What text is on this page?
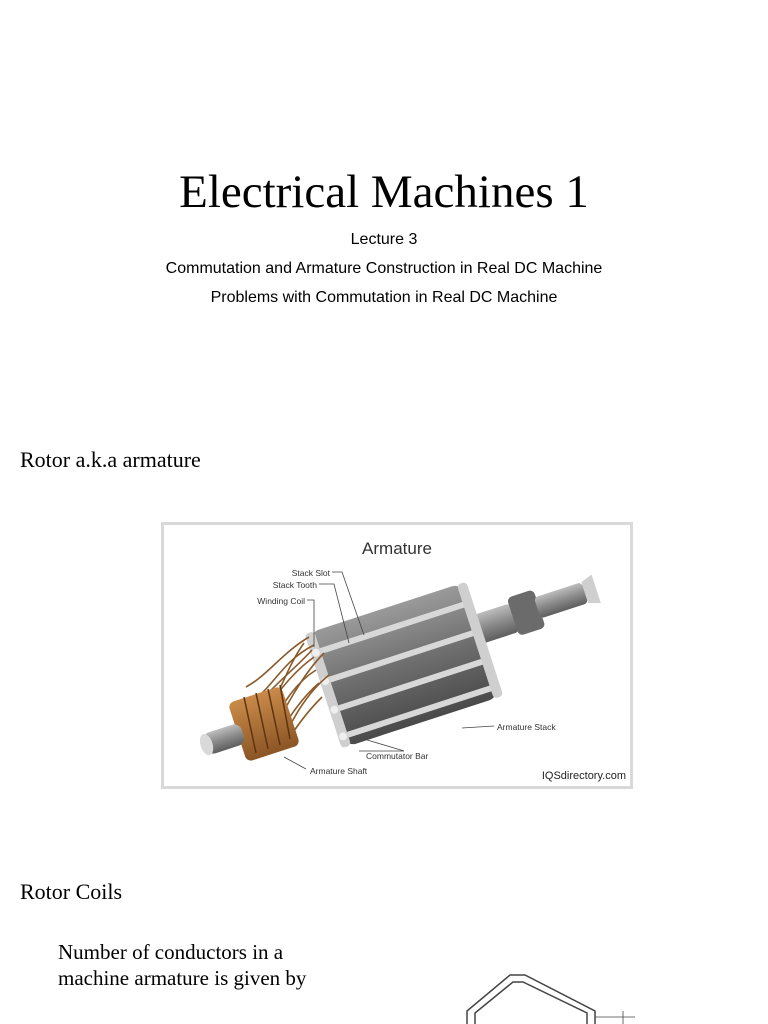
Electrical Machines 1
Lecture 3
Commutation and Armature Construction in Real DC Machine
Problems with Commutation in Real DC Machine
Rotor a.k.a armature
Armature
Stack Slot
Stack Tooth
Winding Coil
Armature Stack
Commutator Bar
Armature Shaft	IQSdirectory.com
Rotor Coils
Number of conductors in a machine armature is given by
